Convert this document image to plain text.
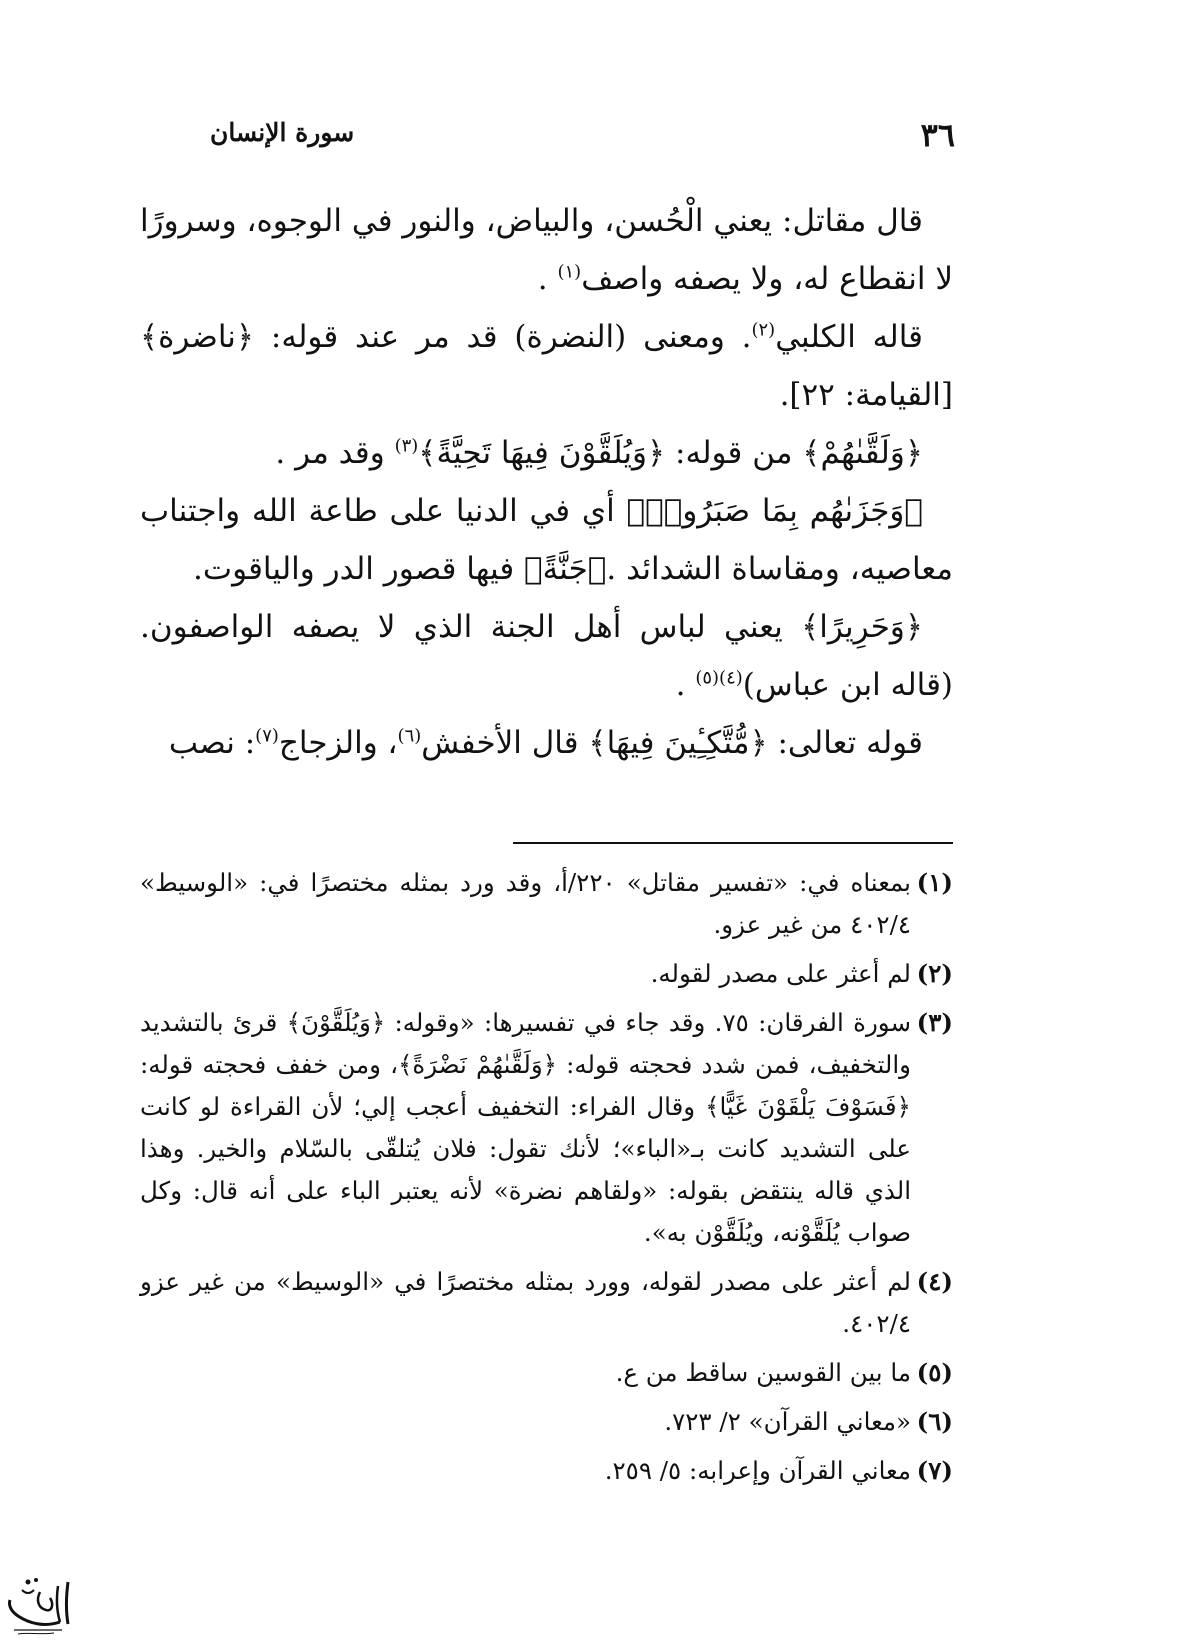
سورة الإنسان	٣٦

قال مقاتل: يعني الْحُسن، والبياض، والنور في الوجوه، وسرورًا لا انقطاع له، ولا يصفه واصف$^{(١)}$ .

قاله الكلبي$^{(٢)}$. ومعنى (النضرة) قد مر عند قوله: ﴿ناضرة﴾ [القيامة: ٢٢].

﴿وَلَقَّىٰهُمْ﴾ من قوله: ﴿وَيُلَقَّوْنَ فِيهَا تَحِيَّةً﴾$^{(٣)}$ وقد مر .

﴿وَجَزَىٰهُم بِمَا صَبَرُوا۟﴾ أي في الدنيا على طاعة الله واجتناب معاصيه، ومقاساة الشدائد .﴿جَنَّةً﴾ فيها قصور الدر والياقوت.

﴿وَحَرِيرًا﴾ يعني لباس أهل الجنة الذي لا يصفه الواصفون. (قاله ابن عباس)$^{(٤)(٥)}$ .

قوله تعالى: ﴿مُّتَّكِـِٔينَ فِيهَا﴾ قال الأخفش$^{(٦)}$، والزجاج$^{(٧)}$: نصب

(١)
بمعناه في: «تفسير مقاتل» ٢٢٠/أ، وقد ورد بمثله مختصرًا في: «الوسيط» ٤٠٢/٤ من غير عزو.
(٢)
لم أعثر على مصدر لقوله.
(٣)
سورة الفرقان: ٧٥. وقد جاء في تفسيرها: «وقوله: ﴿وَيُلَقَّوْنَ﴾ قرئ بالتشديد والتخفيف، فمن شدد فحجته قوله: ﴿وَلَقَّىٰهُمْ نَضْرَةً﴾، ومن خفف فحجته قوله: ﴿فَسَوْفَ يَلْقَوْنَ غَيًّا﴾ وقال الفراء: التخفيف أعجب إلي؛ لأن القراءة لو كانت على التشديد كانت بـ«الباء»؛ لأنك تقول: فلان يُتلقّى بالسّلام والخير. وهذا الذي قاله ينتقض بقوله: «ولقاهم نضرة» لأنه يعتبر الباء على أنه قال: وكل صواب يُلَقَّوْنه، ويُلَقَّوْن به».
(٤)
لم أعثر على مصدر لقوله، وورد بمثله مختصرًا في «الوسيط» من غير عزو ٤٠٢/٤.
(٥)
ما بين القوسين ساقط من ع.
(٦)
«معاني القرآن» ٢/ ٧٢٣.
(٧)
معاني القرآن وإعرابه: ٥/ ٢٥٩.
